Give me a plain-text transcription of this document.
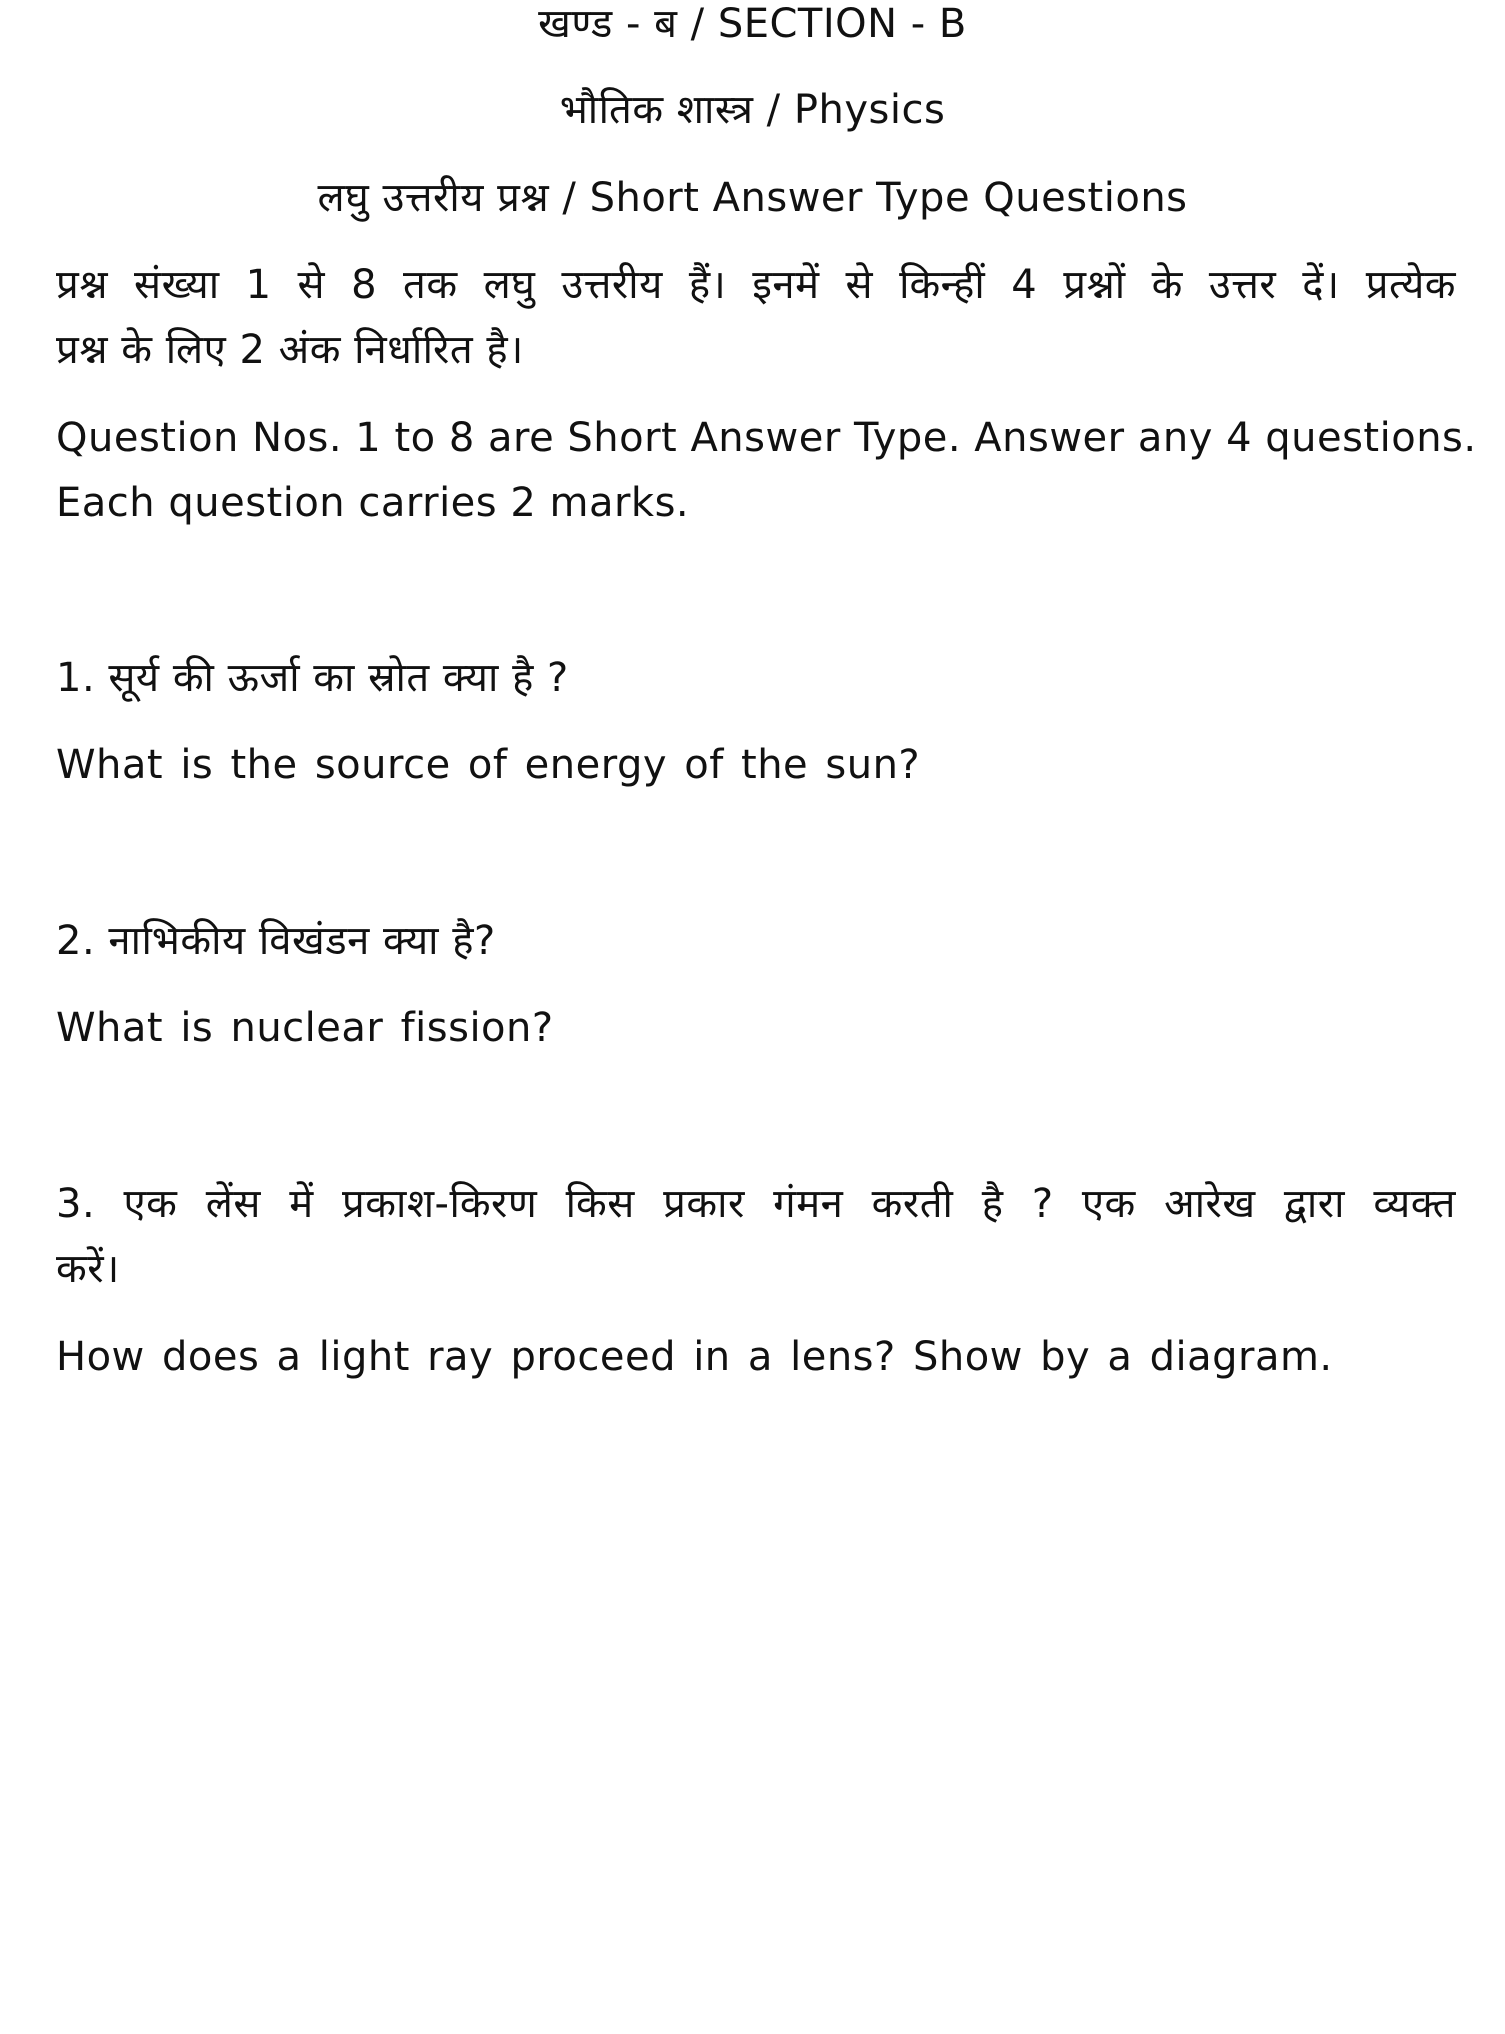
खण्ड - ब / SECTION - B
भौतिक शास्त्र / Physics
लघु उत्तरीय प्रश्न / Short Answer Type Questions
प्रश्न संख्या 1 से 8 तक लघु उत्तरीय हैं। इनमें से किन्हीं 4 प्रश्नों के उत्तर दें। प्रत्येक
प्रश्न के लिए 2 अंक निर्धारित है।
Question Nos. 1 to 8 are Short Answer Type. Answer any 4 questions.
Each question carries 2 marks.
1. सूर्य की ऊर्जा का स्रोत क्या है ?
What is the source of energy of the sun?
2. नाभिकीय विखंडन क्या है?
What is nuclear fission?
3. एक लेंस में प्रकाश-किरण किस प्रकार गंमन करती है ? एक आरेख द्वारा व्यक्त
करें।
How does a light ray proceed in a lens? Show by a diagram.
